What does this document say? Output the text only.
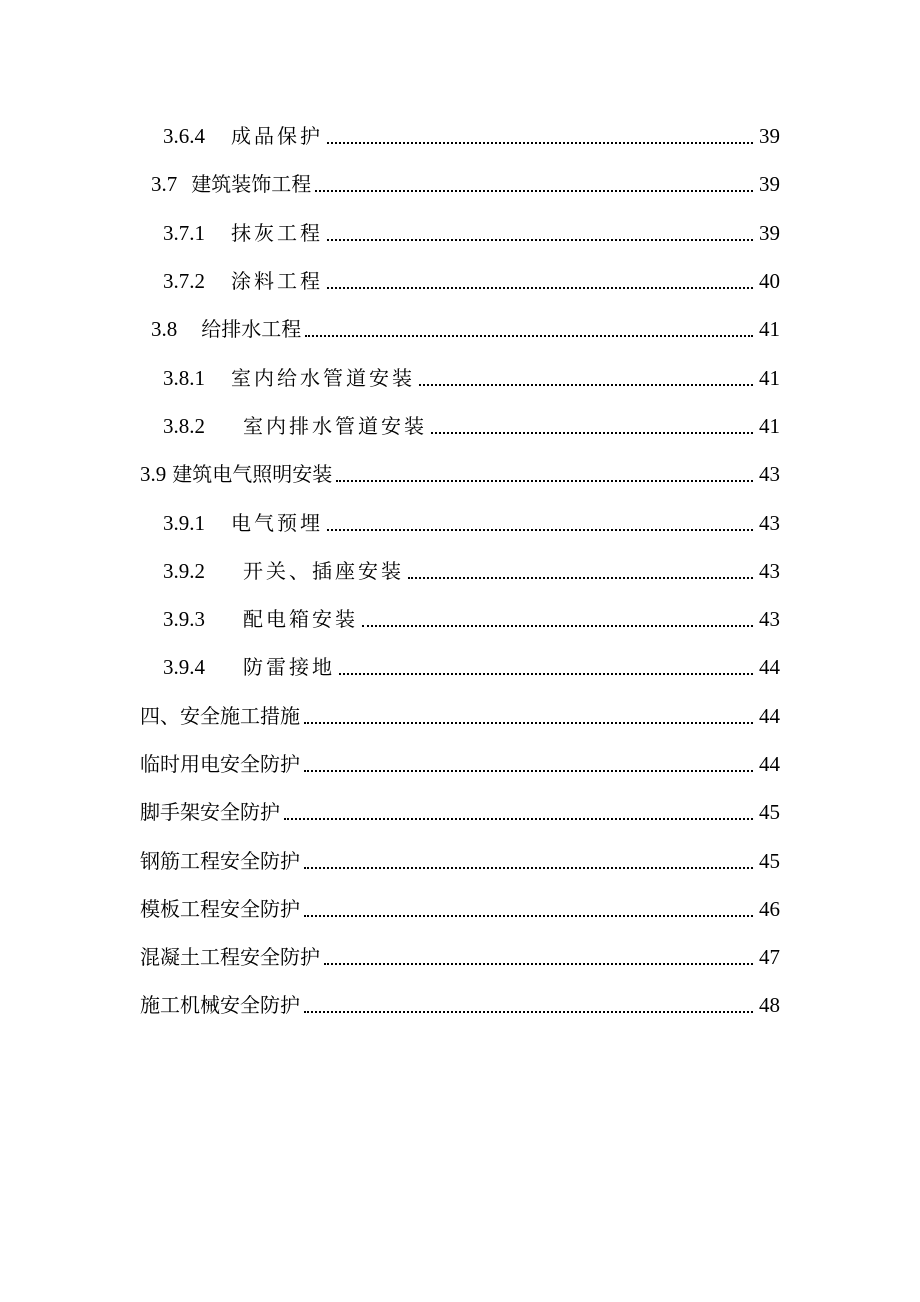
3.6.4 成品保护	39
3.7 建筑装饰工程	39
3.7.1 抹灰工程	39
3.7.2 涂料工程	40
3.8 给排水工程	41
3.8.1 室内给水管道安装	41
3.8.2 室内排水管道安装	41
3.9 建筑电气照明安装	43
3.9.1 电气预埋	43
3.9.2 开关、插座安装	43
3.9.3 配电箱安装	43
3.9.4 防雷接地	44
四、安全施工措施	44
临时用电安全防护	44
脚手架安全防护	45
钢筋工程安全防护	45
模板工程安全防护	46
混凝土工程安全防护	47
施工机械安全防护	48
